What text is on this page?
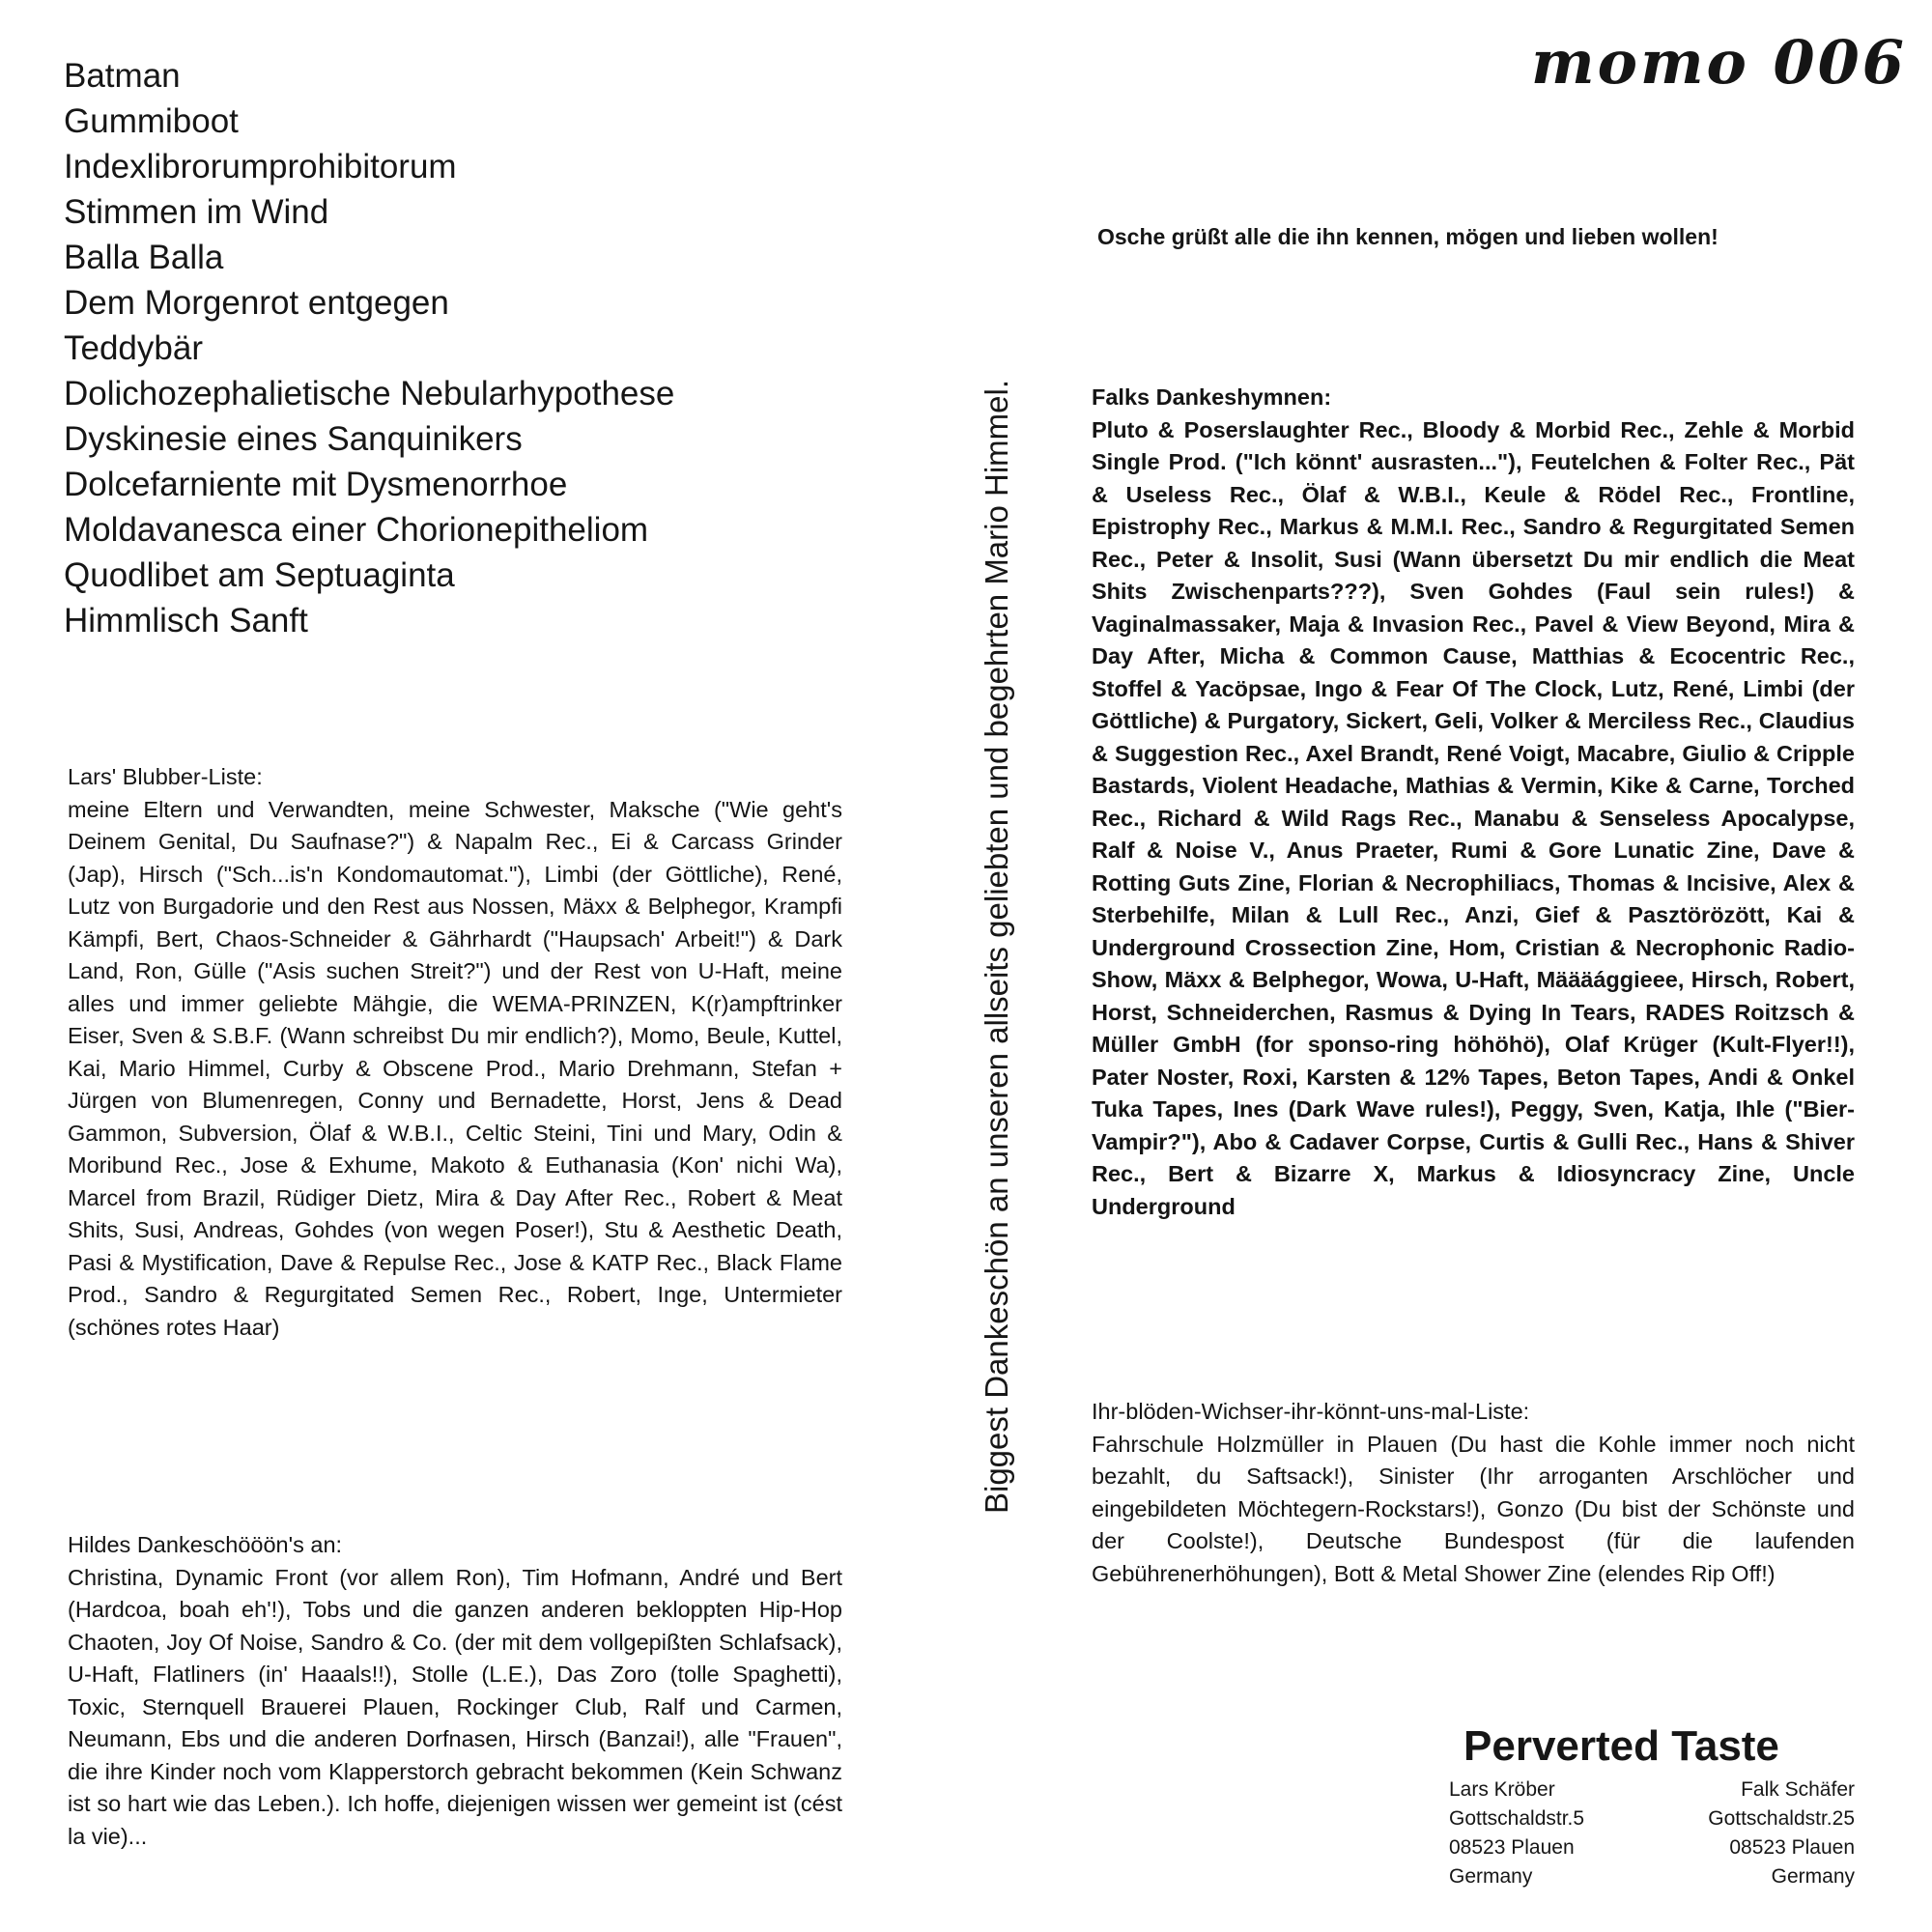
momo 006
Batman
Gummiboot
Indexlibrorumprohibitorum
Stimmen im Wind
Balla Balla
Dem Morgenrot entgegen
Teddybär
Dolichozephalietische Nebularhypothese
Dyskinesie eines Sanquinikers
Dolcefarniente mit Dysmenorrhoe
Moldavanesca einer Chorionepitheliom
Quodlibet am Septuaginta
Himmlisch Sanft
Osche grüßt alle die ihn kennen, mögen und lieben wollen!
Biggest Dankeschön an unseren allseits geliebten und begehrten Mario Himmel.
Lars' Blubber-Liste:
meine Eltern und Verwandten, meine Schwester, Maksche ("Wie geht's Deinem Genital, Du Saufnase?") & Napalm Rec., Ei & Carcass Grinder (Jap), Hirsch ("Sch...is'n Kondomautomat."), Limbi (der Göttliche), René, Lutz von Burgadorie und den Rest aus Nossen, Mäxx & Belphegor, Krampfi Kämpfi, Bert, Chaos-Schneider & Gährhardt ("Haupsach' Arbeit!") & Dark Land, Ron, Gülle ("Asis suchen Streit?") und der Rest von U-Haft, meine alles und immer geliebte Mähgie, die WEMA-PRINZEN, K(r)ampftrinker Eiser, Sven & S.B.F. (Wann schreibst Du mir endlich?), Momo, Beule, Kuttel, Kai, Mario Himmel, Curby & Obscene Prod., Mario Drehmann, Stefan + Jürgen von Blumenregen, Conny und Bernadette, Horst, Jens & Dead Gammon, Subversion, Ölaf & W.B.I., Celtic Steini, Tini und Mary, Odin & Moribund Rec., Jose & Exhume, Makoto & Euthanasia (Kon' nichi Wa), Marcel from Brazil, Rüdiger Dietz, Mira & Day After Rec., Robert & Meat Shits, Susi, Andreas, Gohdes (von wegen Poser!), Stu & Aesthetic Death, Pasi & Mystification, Dave & Repulse Rec., Jose & KATP Rec., Black Flame Prod., Sandro & Regurgitated Semen Rec., Robert, Inge, Untermieter (schönes rotes Haar)
Hildes Dankeschööön's an:
Christina, Dynamic Front (vor allem Ron), Tim Hofmann, André und Bert (Hardcoa, boah eh'!), Tobs und die ganzen anderen bekloppten Hip-Hop Chaoten, Joy Of Noise, Sandro & Co. (der mit dem vollgepißten Schlafsack), U-Haft, Flatliners (in' Haaals!!), Stolle (L.E.), Das Zoro (tolle Spaghetti), Toxic, Sternquell Brauerei Plauen, Rockinger Club, Ralf und Carmen, Neumann, Ebs und die anderen Dorfnasen, Hirsch (Banzai!), alle "Frauen", die ihre Kinder noch vom Klapperstorch gebracht bekommen (Kein Schwanz ist so hart wie das Leben.). Ich hoffe, diejenigen wissen wer gemeint ist (cést la vie)...
Falks Dankeshymnen:
Pluto & Poserslaughter Rec., Bloody & Morbid Rec., Zehle & Morbid Single Prod. ("Ich könnt' ausrasten..."), Feutelchen & Folter Rec., Pät & Useless Rec., Ölaf & W.B.I., Keule & Rödel Rec., Frontline, Epistrophy Rec., Markus & M.M.I. Rec., Sandro & Regurgitated Semen Rec., Peter & Insolit, Susi (Wann übersetzt Du mir endlich die Meat Shits Zwischenparts???), Sven Gohdes (Faul sein rules!) & Vaginalmassaker, Maja & Invasion Rec., Pavel & View Beyond, Mira & Day After, Micha & Common Cause, Matthias & Ecocentric Rec., Stoffel & Yacöpsae, Ingo & Fear Of The Clock, Lutz, René, Limbi (der Göttliche) & Purgatory, Sickert, Geli, Volker & Merciless Rec., Claudius & Suggestion Rec., Axel Brandt, René Voigt, Macabre, Giulio & Cripple Bastards, Violent Headache, Mathias & Vermin, Kike & Carne, Torched Rec., Richard & Wild Rags Rec., Manabu & Senseless Apocalypse, Ralf & Noise V., Anus Praeter, Rumi & Gore Lunatic Zine, Dave & Rotting Guts Zine, Florian & Necrophiliacs, Thomas & Incisive, Alex & Sterbehilfe, Milan & Lull Rec., Anzi, Gief & Pasztörözött, Kai & Underground Crossection Zine, Hom, Cristian & Necrophonic Radio-Show, Mäxx & Belphegor, Wowa, U-Haft, Määäággieee, Hirsch, Robert, Horst, Schneiderchen, Rasmus & Dying In Tears, RADES Roitzsch & Müller GmbH (for sponso-ring höhöhö), Olaf Krüger (Kult-Flyer!!), Pater Noster, Roxi, Karsten & 12% Tapes, Beton Tapes, Andi & Onkel Tuka Tapes, Ines (Dark Wave rules!), Peggy, Sven, Katja, Ihle ("Bier-Vampir?"), Abo & Cadaver Corpse, Curtis & Gulli Rec., Hans & Shiver Rec., Bert & Bizarre X, Markus & Idiosyncracy Zine, Uncle Underground
Ihr-blöden-Wichser-ihr-könnt-uns-mal-Liste:
Fahrschule Holzmüller in Plauen (Du hast die Kohle immer noch nicht bezahlt, du Saftsack!), Sinister (Ihr arroganten Arschlöcher und eingebildeten Möchtegern-Rockstars!), Gonzo (Du bist der Schönste und der Coolste!), Deutsche Bundespost (für die laufenden Gebührenerhöhungen), Bott & Metal Shower Zine (elendes Rip Off!)
Perverted Taste
Lars Kröber
Gottschaldstr.5
08523 Plauen
Germany
Falk Schäfer
Gottschaldstr.25
08523 Plauen
Germany
